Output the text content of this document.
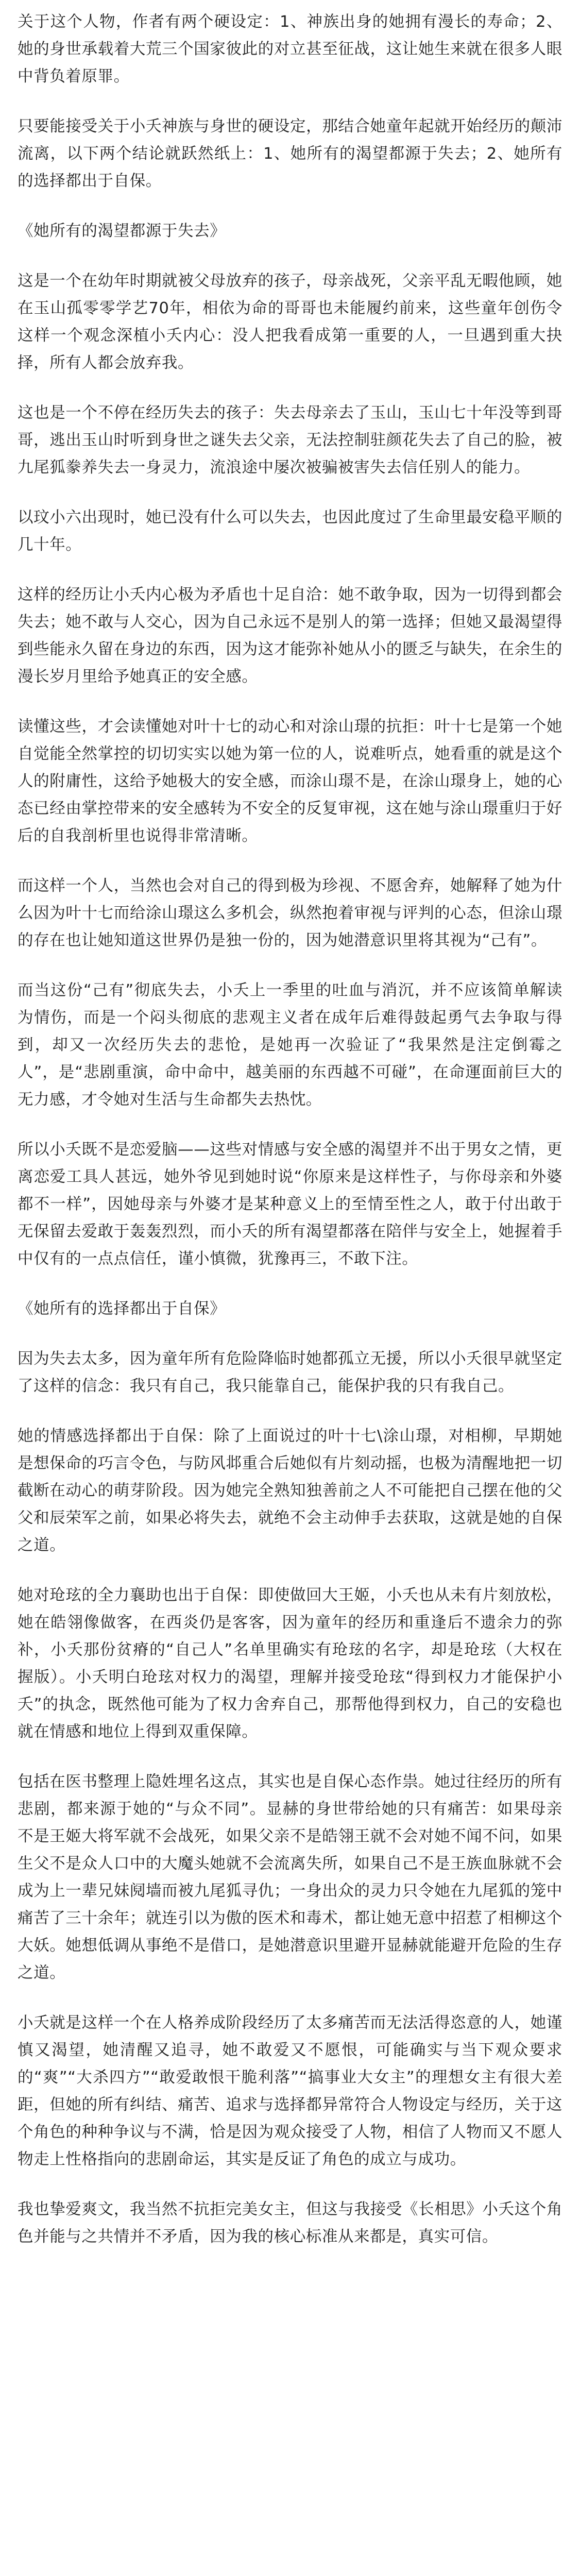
关于这个人物，作者有两个硬设定：1、神族出身的她拥有漫长的寿命；2、她的身世承载着大荒三个国家彼此的对立甚至征战，这让她生来就在很多人眼中背负着原罪。
只要能接受关于小夭神族与身世的硬设定，那结合她童年起就开始经历的颠沛流离，以下两个结论就跃然纸上：1、她所有的渴望都源于失去；2、她所有的选择都出于自保。
《她所有的渴望都源于失去》
这是一个在幼年时期就被父母放弃的孩子，母亲战死，父亲平乱无暇他顾，她在玉山孤零零学艺70年，相依为命的哥哥也未能履约前来，这些童年创伤令这样一个观念深植小夭内心：没人把我看成第一重要的人，一旦遇到重大抉择，所有人都会放弃我。
这也是一个不停在经历失去的孩子：失去母亲去了玉山，玉山七十年没等到哥哥，逃出玉山时听到身世之谜失去父亲，无法控制驻颜花失去了自己的脸，被九尾狐豢养失去一身灵力，流浪途中屡次被骗被害失去信任别人的能力。
以玟小六出现时，她已没有什么可以失去，也因此度过了生命里最安稳平顺的几十年。
这样的经历让小夭内心极为矛盾也十足自洽：她不敢争取，因为一切得到都会失去；她不敢与人交心，因为自己永远不是别人的第一选择；但她又最渴望得到些能永久留在身边的东西，因为这才能弥补她从小的匮乏与缺失，在余生的漫长岁月里给予她真正的安全感。
读懂这些，才会读懂她对叶十七的动心和对涂山璟的抗拒：叶十七是第一个她自觉能全然掌控的切切实实以她为第一位的人，说难听点，她看重的就是这个人的附庸性，这给予她极大的安全感，而涂山璟不是，在涂山璟身上，她的心态已经由掌控带来的安全感转为不安全的反复审视，这在她与涂山璟重归于好后的自我剖析里也说得非常清晰。
而这样一个人，当然也会对自己的得到极为珍视、不愿舍弃，她解释了她为什么因为叶十七而给涂山璟这么多机会，纵然抱着审视与评判的心态，但涂山璟的存在也让她知道这世界仍是独一份的，因为她潜意识里将其视为“己有”。
而当这份“己有”彻底失去，小夭上一季里的吐血与消沉，并不应该简单解读为情伤，而是一个闷头彻底的悲观主义者在成年后难得鼓起勇气去争取与得到，却又一次经历失去的悲怆，是她再一次验证了“我果然是注定倒霉之人”，是“悲剧重演，命中命中，越美丽的东西越不可碰”，在命運面前巨大的无力感，才令她对生活与生命都失去热忱。
所以小夭既不是恋爱脑——这些对情感与安全感的渴望并不出于男女之情，更离恋爱工具人甚远，她外爷见到她时说“你原来是这样性子，与你母亲和外婆都不一样”，因她母亲与外婆才是某种意义上的至情至性之人，敢于付出敢于无保留去爱敢于轰轰烈烈，而小夭的所有渴望都落在陪伴与安全上，她握着手中仅有的一点点信任，谨小慎微，犹豫再三，不敢下注。
《她所有的选择都出于自保》
因为失去太多，因为童年所有危险降临时她都孤立无援，所以小夭很早就坚定了这样的信念：我只有自己，我只能靠自己，能保护我的只有我自己。
她的情感选择都出于自保：除了上面说过的叶十七\涂山璟，对相柳，早期她是想保命的巧言令色，与防风邶重合后她似有片刻动摇，也极为清醒地把一切截断在动心的萌芽阶段。因为她完全熟知独善前之人不可能把自己摆在他的父父和辰荣军之前，如果必将失去，就绝不会主动伸手去获取，这就是她的自保之道。
她对玱玹的全力襄助也出于自保：即使做回大王姬，小夭也从未有片刻放松，她在皓翎像做客，在西炎仍是客客，因为童年的经历和重逢后不遗余力的弥补，小夭那份贫瘠的“自己人”名单里确实有玱玹的名字，却是玱玹（大权在握版）。小夭明白玱玹对权力的渴望，理解并接受玱玹“得到权力才能保护小夭”的执念，既然他可能为了权力舍弃自己，那帮他得到权力，自己的安稳也就在情感和地位上得到双重保障。
包括在医书整理上隐姓埋名这点，其实也是自保心态作祟。她过往经历的所有悲剧，都来源于她的“与众不同”。显赫的身世带给她的只有痛苦：如果母亲不是王姬大将军就不会战死，如果父亲不是皓翎王就不会对她不闻不问，如果生父不是众人口中的大魔头她就不会流离失所，如果自己不是王族血脉就不会成为上一辈兄妹阋墙而被九尾狐寻仇；一身出众的灵力只令她在九尾狐的笼中痛苦了三十余年；就连引以为傲的医术和毒术，都让她无意中招惹了相柳这个大妖。她想低调从事绝不是借口，是她潜意识里避开显赫就能避开危险的生存之道。
小夭就是这样一个在人格养成阶段经历了太多痛苦而无法活得恣意的人，她谨慎又渴望，她清醒又追寻，她不敢爱又不愿恨，可能确实与当下观众要求的“爽”“大杀四方”“敢爱敢恨干脆利落”“搞事业大女主”的理想女主有很大差距，但她的所有纠结、痛苦、追求与选择都异常符合人物设定与经历，关于这个角色的种种争议与不满，恰是因为观众接受了人物，相信了人物而又不愿人物走上性格指向的悲剧命运，其实是反证了角色的成立与成功。
我也挚爱爽文，我当然不抗拒完美女主，但这与我接受《长相思》小夭这个角色并能与之共情并不矛盾，因为我的核心标准从来都是，真实可信。
